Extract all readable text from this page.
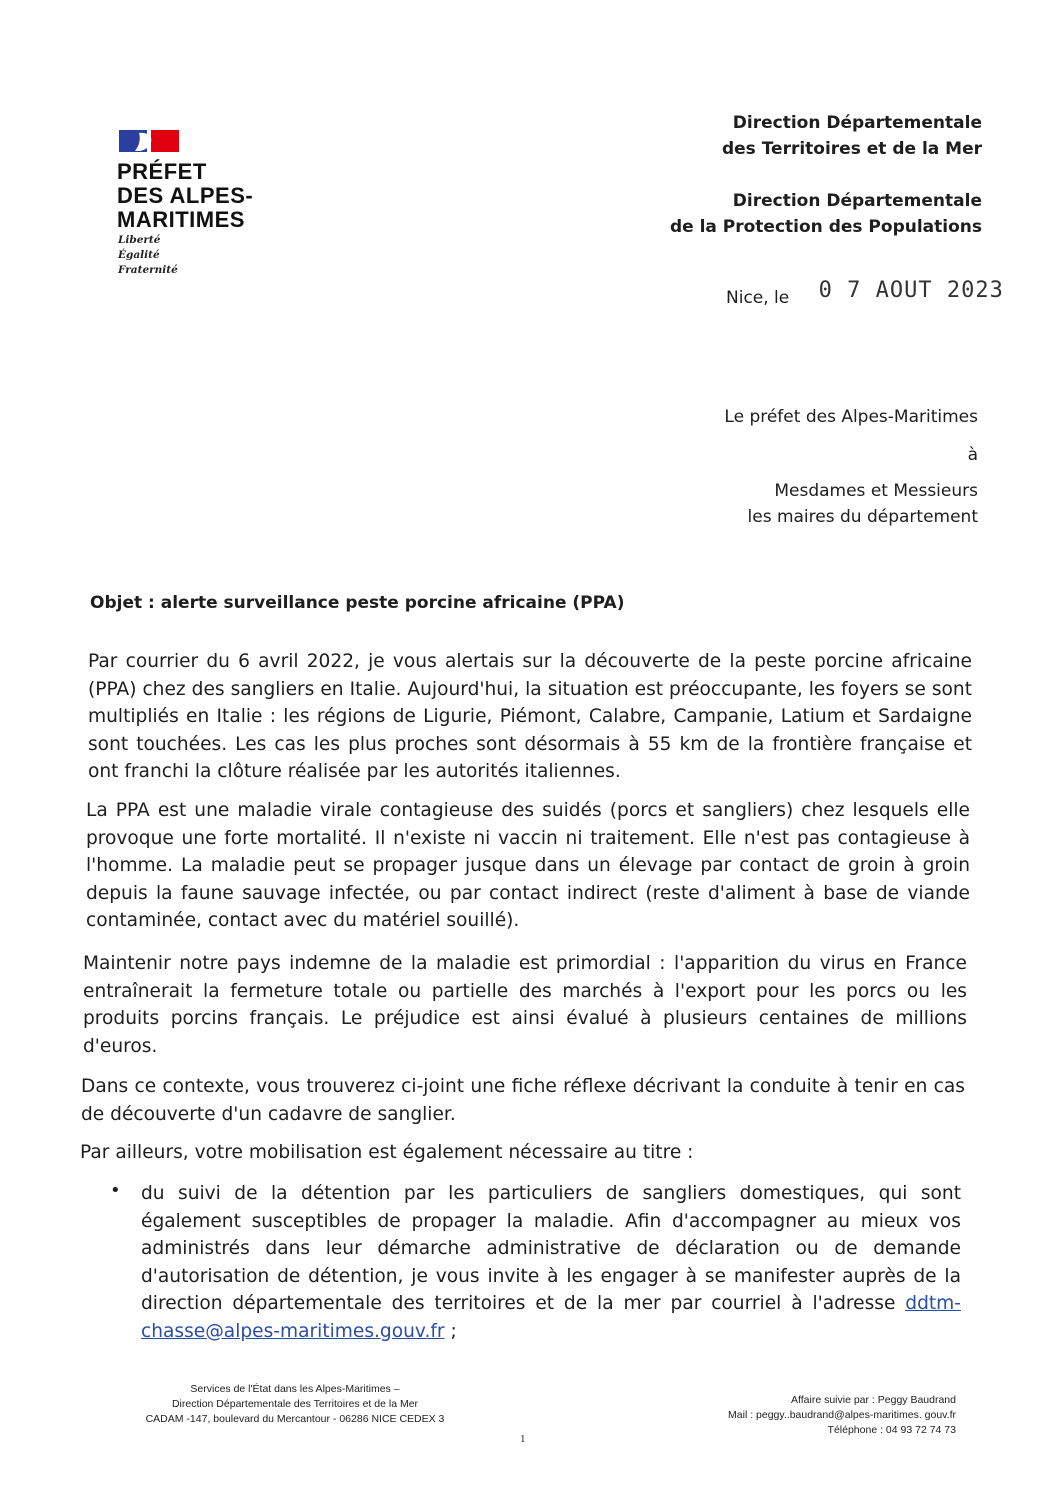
PRÉFET
DES ALPES-
MARITIMES
Liberté
Égalité
Fraternité
Direction Départementale
des Territoires et de la Mer
Direction Départementale
de la Protection des Populations
Nice, le 0 7 AOUT 2023
Le préfet des Alpes-Maritimes
à
Mesdames et Messieurs
les maires du département
Objet : alerte surveillance peste porcine africaine (PPA)
Par courrier du 6 avril 2022, je vous alertais sur la découverte de la peste porcine africaine (PPA) chez des sangliers en Italie. Aujourd'hui, la situation est préoccupante, les foyers se sont multipliés en Italie : les régions de Ligurie, Piémont, Calabre, Campanie, Latium et Sardaigne sont touchées. Les cas les plus proches sont désormais à 55 km de la frontière française et ont franchi la clôture réalisée par les autorités italiennes.
La PPA est une maladie virale contagieuse des suidés (porcs et sangliers) chez lesquels elle provoque une forte mortalité. Il n'existe ni vaccin ni traitement. Elle n'est pas contagieuse à l'homme. La maladie peut se propager jusque dans un élevage par contact de groin à groin depuis la faune sauvage infectée, ou par contact indirect (reste d'aliment à base de viande contaminée, contact avec du matériel souillé).
Maintenir notre pays indemne de la maladie est primordial : l'apparition du virus en France entraînerait la fermeture totale ou partielle des marchés à l'export pour les porcs ou les produits porcins français. Le préjudice est ainsi évalué à plusieurs centaines de millions d'euros.
Dans ce contexte, vous trouverez ci-joint une fiche réflexe décrivant la conduite à tenir en cas de découverte d'un cadavre de sanglier.
Par ailleurs, votre mobilisation est également nécessaire au titre :
• du suivi de la détention par les particuliers de sangliers domestiques, qui sont également susceptibles de propager la maladie. Afin d'accompagner au mieux vos administrés dans leur démarche administrative de déclaration ou de demande d'autorisation de détention, je vous invite à les engager à se manifester auprès de la direction départementale des territoires et de la mer par courriel à l'adresse ddtm-chasse@alpes-maritimes.gouv.fr ;
Services de l'État dans les Alpes-Maritimes –
Direction Départementale des Territoires et de la Mer
CADAM -147, boulevard du Mercantour - 06286 NICE CEDEX 3
Affaire suivie par : Peggy Baudrand
Mail : peggy..baudrand@alpes-maritimes. gouv.fr
Téléphone : 04 93 72 74 73
1
